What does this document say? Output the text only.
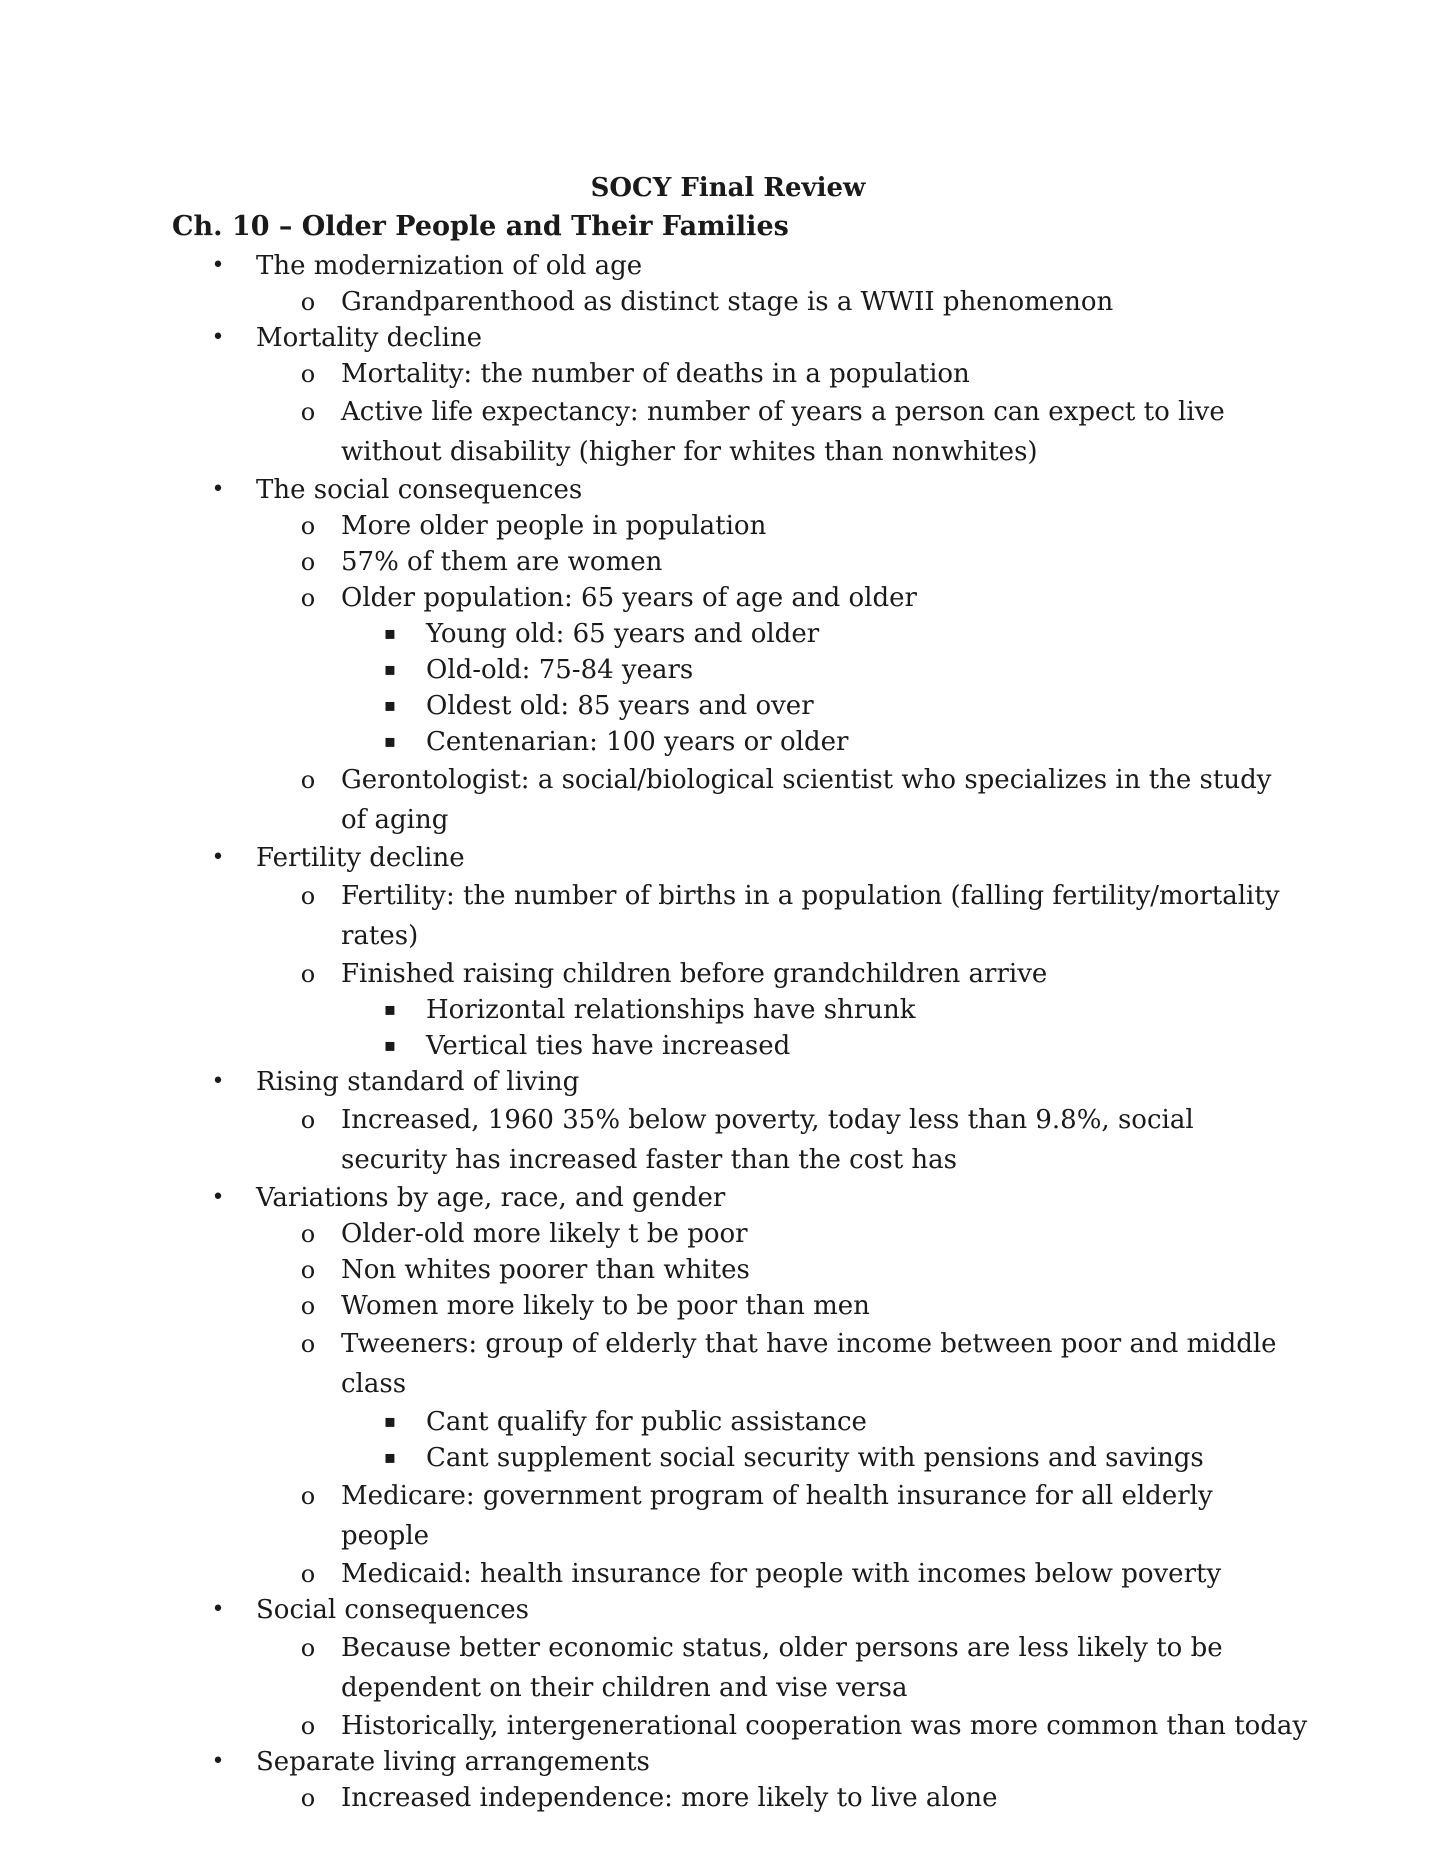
SOCY Final Review
Ch. 10 – Older People and Their Families
• The modernization of old age
o Grandparenthood as distinct stage is a WWII phenomenon
• Mortality decline
o Mortality: the number of deaths in a population
o Active life expectancy: number of years a person can expect to live without disability (higher for whites than nonwhites)
• The social consequences
o More older people in population
o 57% of them are women
o Older population: 65 years of age and older
▪ Young old: 65 years and older
▪ Old-old: 75-84 years
▪ Oldest old: 85 years and over
▪ Centenarian: 100 years or older
o Gerontologist: a social/biological scientist who specializes in the study of aging
• Fertility decline
o Fertility: the number of births in a population (falling fertility/mortality rates)
o Finished raising children before grandchildren arrive
▪ Horizontal relationships have shrunk
▪ Vertical ties have increased
• Rising standard of living
o Increased, 1960 35% below poverty, today less than 9.8%, social security has increased faster than the cost has
• Variations by age, race, and gender
o Older-old more likely t be poor
o Non whites poorer than whites
o Women more likely to be poor than men
o Tweeners: group of elderly that have income between poor and middle class
▪ Cant qualify for public assistance
▪ Cant supplement social security with pensions and savings
o Medicare: government program of health insurance for all elderly people
o Medicaid: health insurance for people with incomes below poverty
• Social consequences
o Because better economic status, older persons are less likely to be dependent on their children and vise versa
o Historically, intergenerational cooperation was more common than today
• Separate living arrangements
o Increased independence: more likely to live alone
